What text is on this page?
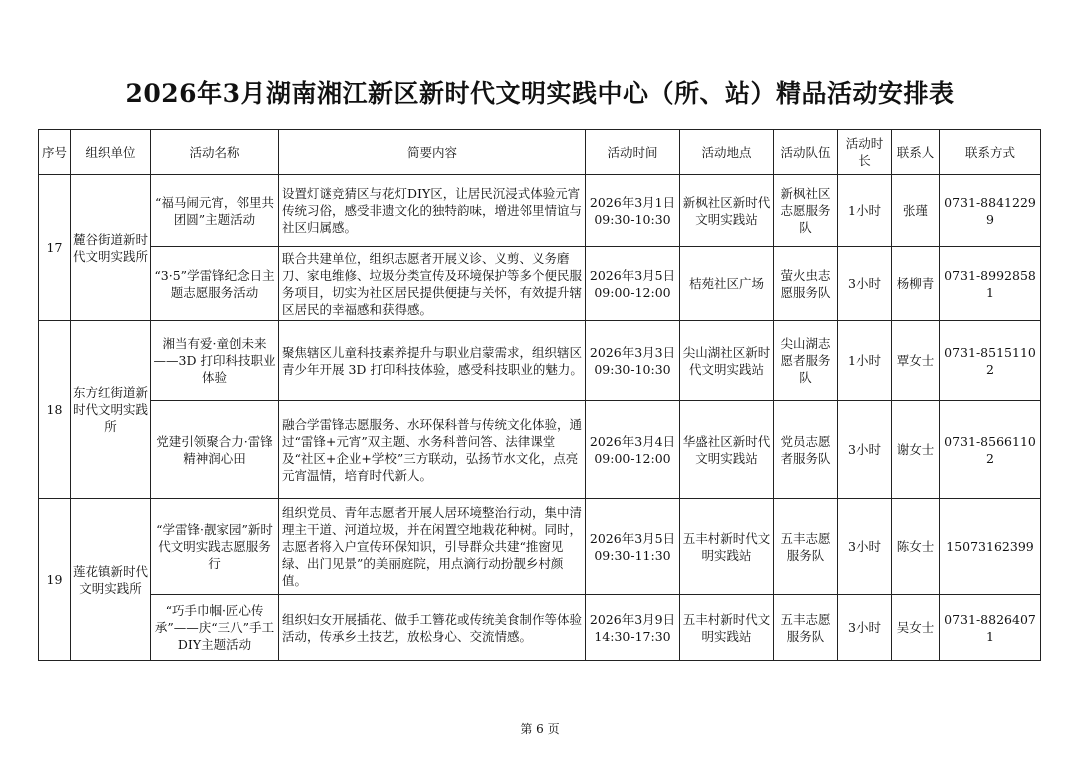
2026年3月湖南湘江新区新时代文明实践中心（所、站）精品活动安排表
序号	组织单位	活动名称	简要内容	活动时间	活动地点	活动队伍	活动时长	联系人	联系方式
17	麓谷街道新时代文明实践所	“福马闹元宵，邻里共团圆”主题活动	设置灯谜竞猜区与花灯DIY区，让居民沉浸式体验元宵传统习俗，感受非遗文化的独特韵味，增进邻里情谊与社区归属感。	2026年3月1日 09:30-10:30	新枫社区新时代文明实践站	新枫社区志愿服务队	1小时	张瑾	0731-88412299
		“3·5”学雷锋纪念日主题志愿服务活动	联合共建单位，组织志愿者开展义诊、义剪、义务磨刀、家电维修、垃圾分类宣传及环境保护等多个便民服务项目，切实为社区居民提供便捷与关怀，有效提升辖区居民的幸福感和获得感。	2026年3月5日 09:00-12:00	桔苑社区广场	萤火虫志愿服务队	3小时	杨柳青	0731-89928581
18	东方红街道新时代文明实践所	湘当有爱·童创未来 ——3D 打印科技职业体验	聚焦辖区儿童科技素养提升与职业启蒙需求，组织辖区青少年开展 3D 打印科技体验，感受科技职业的魅力。	2026年3月3日 09:30-10:30	尖山湖社区新时代文明实践站	尖山湖志愿者服务队	1小时	覃女士	0731-85151102
		党建引领聚合力·雷锋精神润心田	融合学雷锋志愿服务、水环保科普与传统文化体验，通过“雷锋+元宵”双主题、水务科普问答、法律课堂及“社区+企业+学校”三方联动，弘扬节水文化，点亮元宵温情，培育时代新人。	2026年3月4日 09:00-12:00	华盛社区新时代文明实践站	党员志愿者服务队	3小时	谢女士	0731-85661102
19	莲花镇新时代文明实践所	“学雷锋·靓家园”新时代文明实践志愿服务行	组织党员、青年志愿者开展人居环境整治行动，集中清理主干道、河道垃圾，并在闲置空地栽花种树。同时，志愿者将入户宣传环保知识，引导群众共建“推窗见绿、出门见景”的美丽庭院，用点滴行动扮靓乡村颜值。	2026年3月5日 09:30-11:30	五丰村新时代文明实践站	五丰志愿服务队	3小时	陈女士	15073162399
		“巧手巾帼·匠心传承”——庆“三八”手工DIY主题活动	组织妇女开展插花、做手工簪花或传统美食制作等体验活动，传承乡土技艺，放松身心、交流情感。	2026年3月9日 14:30-17:30	五丰村新时代文明实践站	五丰志愿服务队	3小时	吴女士	0731-88264071
第 6 页
